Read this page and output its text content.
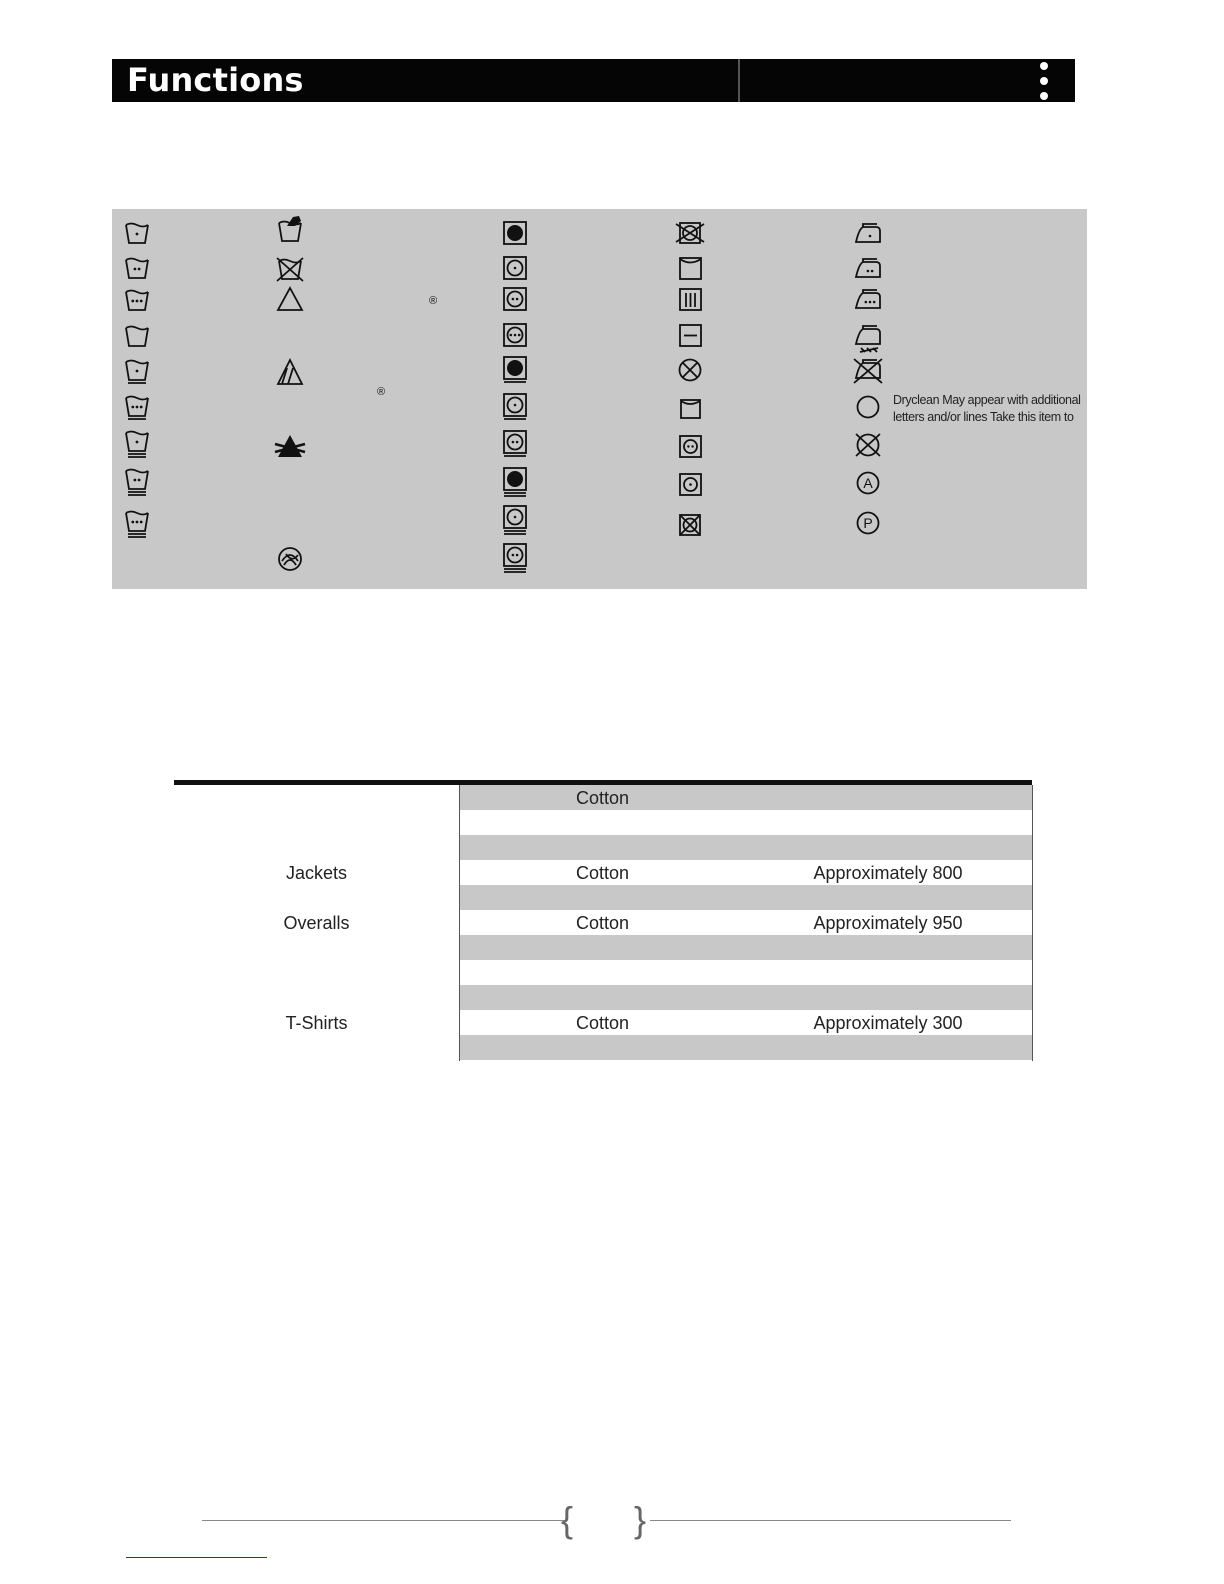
Functions
A
P
®
®
Dryclean May appear with additional letters and/or lines Take this item to
Cotton
Jackets	Cotton	Approximately 800
Overalls	Cotton	Approximately 950
T-Shirts	Cotton	Approximately 300
{ }
